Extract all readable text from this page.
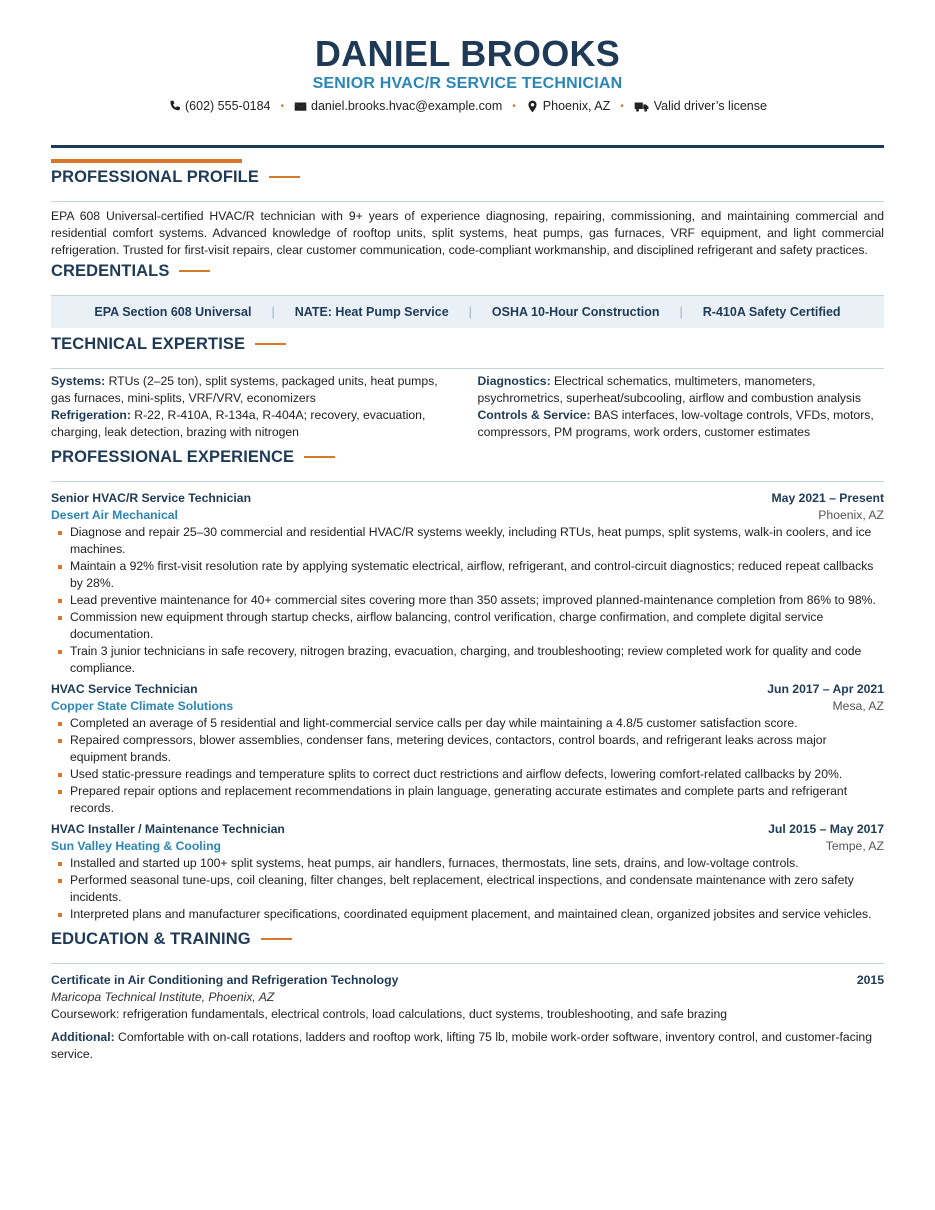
DANIEL BROOKS
SENIOR HVAC/R SERVICE TECHNICIAN
(602) 555-0184 • daniel.brooks.hvac@example.com • Phoenix, AZ • Valid driver’s license
PROFESSIONAL PROFILE

EPA 608 Universal-certified HVAC/R technician with 9+ years of experience diagnosing, repairing, commissioning, and maintaining commercial and residential comfort systems. Advanced knowledge of rooftop units, split systems, heat pumps, gas furnaces, VRF equipment, and light commercial refrigeration. Trusted for first-visit repairs, clear customer communication, code-compliant workmanship, and disciplined refrigerant and safety practices.

CREDENTIALS
EPA Section 608 Universal | NATE: Heat Pump Service | OSHA 10-Hour Construction | R-410A Safety Certified
TECHNICAL EXPERTISE
Systems: RTUs (2–25 ton), split systems, packaged units, heat pumps, gas furnaces, mini-splits, VRF/VRV, economizers
Diagnostics: Electrical schematics, multimeters, manometers, psychrometrics, superheat/subcooling, airflow and combustion analysis
Refrigeration: R-22, R-410A, R-134a, R-404A; recovery, evacuation, charging, leak detection, brazing with nitrogen
Controls & Service: BAS interfaces, low-voltage controls, VFDs, motors, compressors, PM programs, work orders, customer estimates
PROFESSIONAL EXPERIENCE
Senior HVAC/R Service Technician	May 2021 – Present
Desert Air Mechanical	Phoenix, AZ
Diagnose and repair 25–30 commercial and residential HVAC/R systems weekly, including RTUs, heat pumps, split systems, walk-in coolers, and ice machines.
Maintain a 92% first-visit resolution rate by applying systematic electrical, airflow, refrigerant, and control-circuit diagnostics; reduced repeat callbacks by 28%.
Lead preventive maintenance for 40+ commercial sites covering more than 350 assets; improved planned-maintenance completion from 86% to 98%.
Commission new equipment through startup checks, airflow balancing, control verification, charge confirmation, and complete digital service documentation.
Train 3 junior technicians in safe recovery, nitrogen brazing, evacuation, charging, and troubleshooting; review completed work for quality and code compliance.
HVAC Service Technician	Jun 2017 – Apr 2021
Copper State Climate Solutions	Mesa, AZ
Completed an average of 5 residential and light-commercial service calls per day while maintaining a 4.8/5 customer satisfaction score.
Repaired compressors, blower assemblies, condenser fans, metering devices, contactors, control boards, and refrigerant leaks across major equipment brands.
Used static-pressure readings and temperature splits to correct duct restrictions and airflow defects, lowering comfort-related callbacks by 20%.
Prepared repair options and replacement recommendations in plain language, generating accurate estimates and complete parts and refrigerant records.
HVAC Installer / Maintenance Technician	Jul 2015 – May 2017
Sun Valley Heating & Cooling	Tempe, AZ
Installed and started up 100+ split systems, heat pumps, air handlers, furnaces, thermostats, line sets, drains, and low-voltage controls.
Performed seasonal tune-ups, coil cleaning, filter changes, belt replacement, electrical inspections, and condensate maintenance with zero safety incidents.
Interpreted plans and manufacturer specifications, coordinated equipment placement, and maintained clean, organized jobsites and service vehicles.
EDUCATION & TRAINING
Certificate in Air Conditioning and Refrigeration Technology	2015
Maricopa Technical Institute, Phoenix, AZ
Coursework: refrigeration fundamentals, electrical controls, load calculations, duct systems, troubleshooting, and safe brazing
Additional: Comfortable with on-call rotations, ladders and rooftop work, lifting 75 lb, mobile work-order software, inventory control, and customer-facing service.
